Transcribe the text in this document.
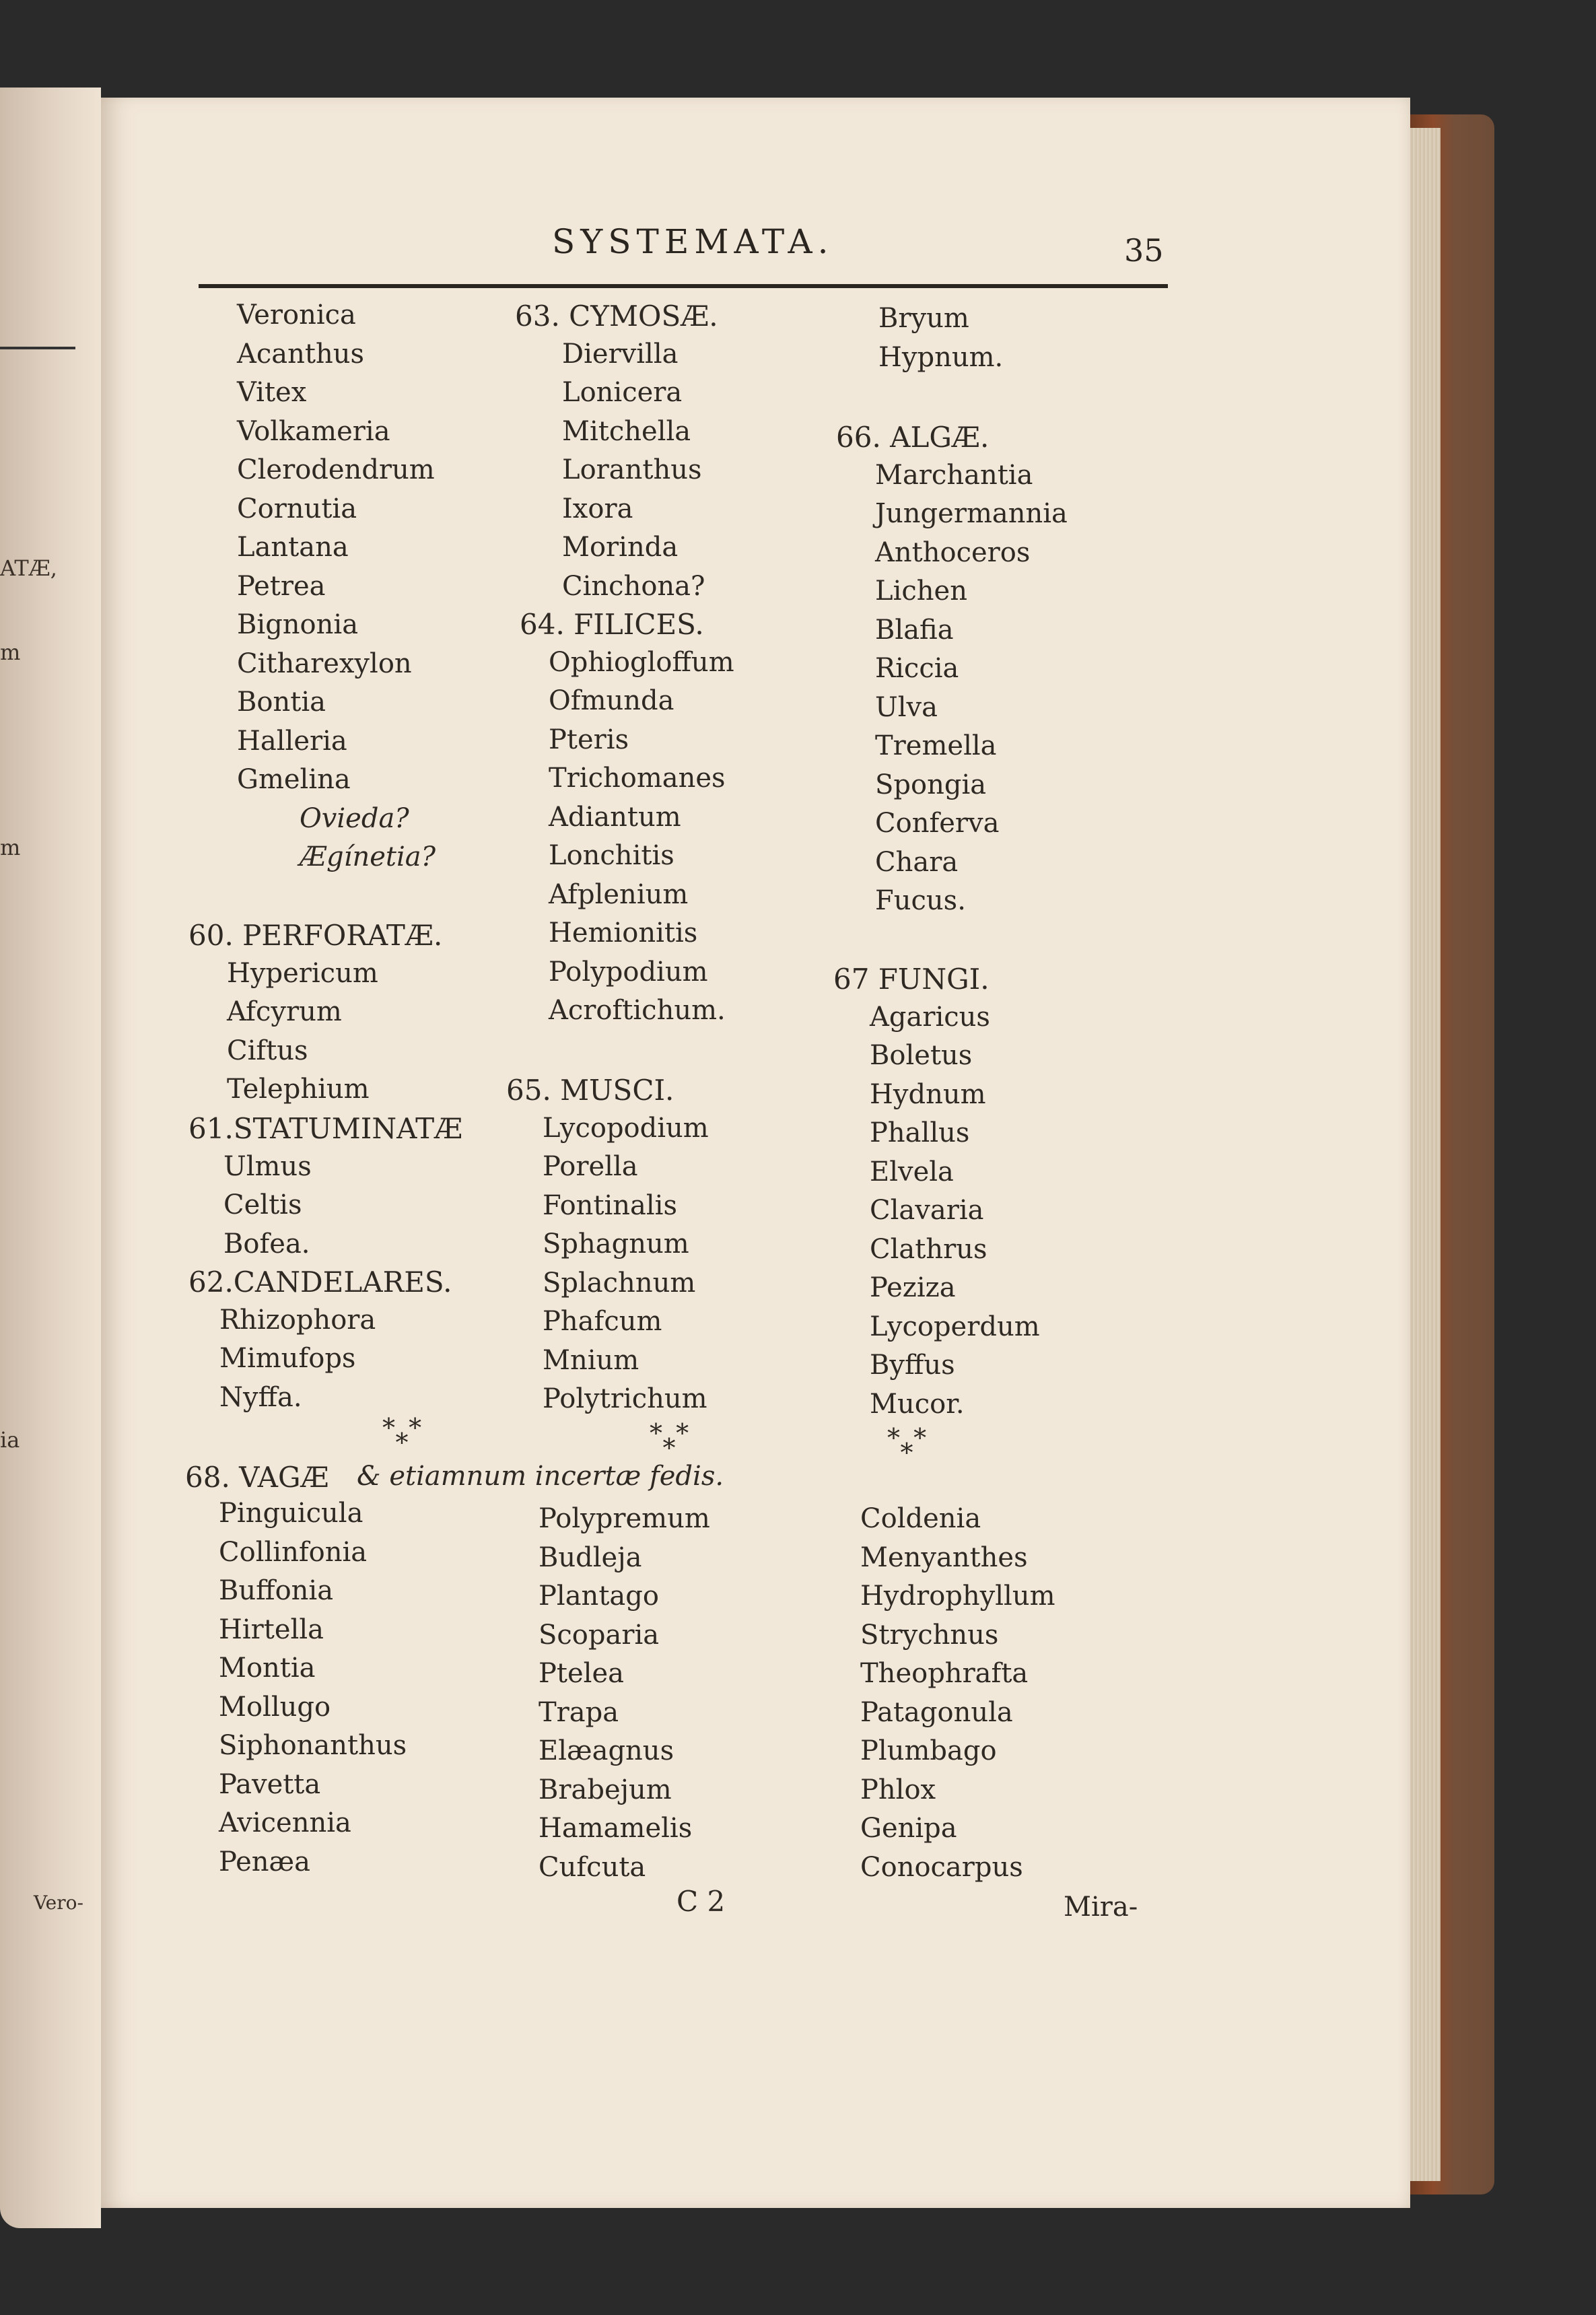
ATÆ,
m
m
ia
Vero-
SYSTEMATA.	35
Veronica
Acanthus
Vitex
Volkameria
Clerodendrum
Cornutia
Lantana
Petrea
Bignonia
Citharexylon
Bontia
Halleria
Gmelina
Ovieda?
Ægínetia?
60. PERFORATÆ.
Hypericum
Afcyrum
Ciftus
Telephium
61.STATUMINATÆ
Ulmus
Celtis
Bofea.
62.CANDELARES.
Rhizophora
Mimufops
Nyffa.
63. CYMOSÆ.
Diervilla
Lonicera
Mitchella
Loranthus
Ixora
Morinda
Cinchona?
64. FILICES.
Ophiogloffum
Ofmunda
Pteris
Trichomanes
Adiantum
Lonchitis
Afplenium
Hemionitis
Polypodium
Acroftichum.
65. MUSCI.
Lycopodium
Porella
Fontinalis
Sphagnum
Splachnum
Phafcum
Mnium
Polytrichum
Bryum
Hypnum.
66. ALGÆ.
Marchantia
Jungermannia
Anthoceros
Lichen
Blafia
Riccia
Ulva
Tremella
Spongia
Conferva
Chara
Fucus.
67 FUNGI.
Agaricus
Boletus
Hydnum
Phallus
Elvela
Clavaria
Clathrus
Peziza
Lycoperdum
Byffus
Mucor.
* *
*	* *
*	* *
*
68. VAGÆ & etiamnum incertæ fedis.
Pinguicula
Collinfonia
Buffonia
Hirtella
Montia
Mollugo
Siphonanthus
Pavetta
Avicennia
Penæa
Polypremum
Budleja
Plantago
Scoparia
Ptelea
Trapa
Elæagnus
Brabejum
Hamamelis
Cufcuta
Coldenia
Menyanthes
Hydrophyllum
Strychnus
Theophrafta
Patagonula
Plumbago
Phlox
Genipa
Conocarpus
C 2	Mira-
